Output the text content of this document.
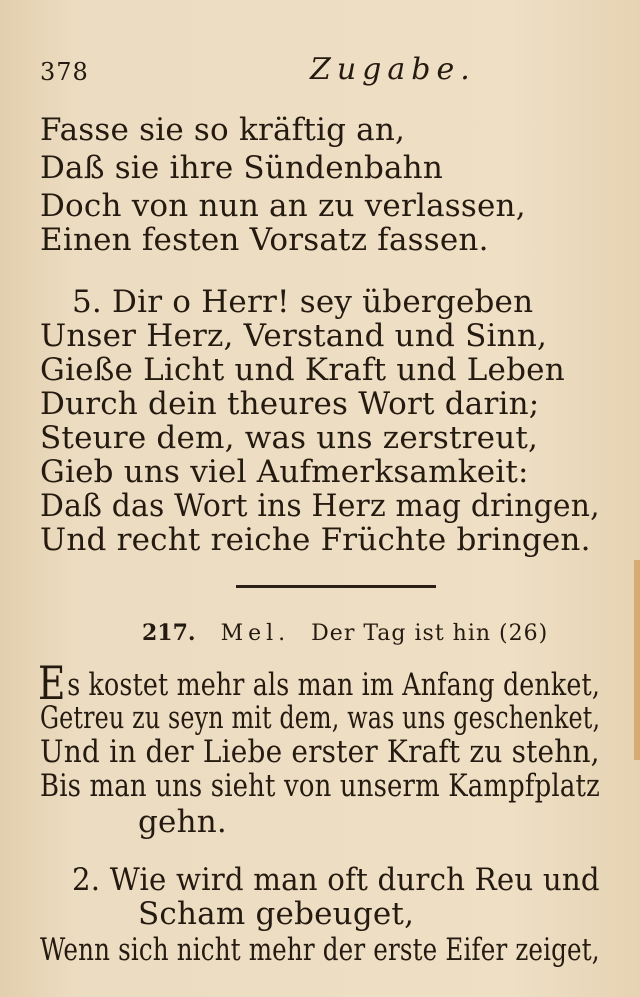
378	Zugabe.
Fasse sie so kräftig an,
Daß sie ihre Sündenbahn
Doch von nun an zu verlassen,
Einen festen Vorsatz fassen.
5. Dir o Herr! sey übergeben
Unser Herz, Verstand und Sinn,
Gieße Licht und Kraft und Leben
Durch dein theures Wort darin;
Steure dem, was uns zerstreut,
Gieb uns viel Aufmerksamkeit:
Daß das Wort ins Herz mag dringen,
Und recht reiche Früchte bringen.
217. Mel. Der Tag ist hin (26)
Es kostet mehr als man im Anfang denket,
Getreu zu seyn mit dem, was uns geschenket,
Und in der Liebe erster Kraft zu stehn,
Bis man uns sieht von unserm Kampfplatz
gehn.
2. Wie wird man oft durch Reu und
Scham gebeuget,
Wenn sich nicht mehr der erste Eifer zeiget,
